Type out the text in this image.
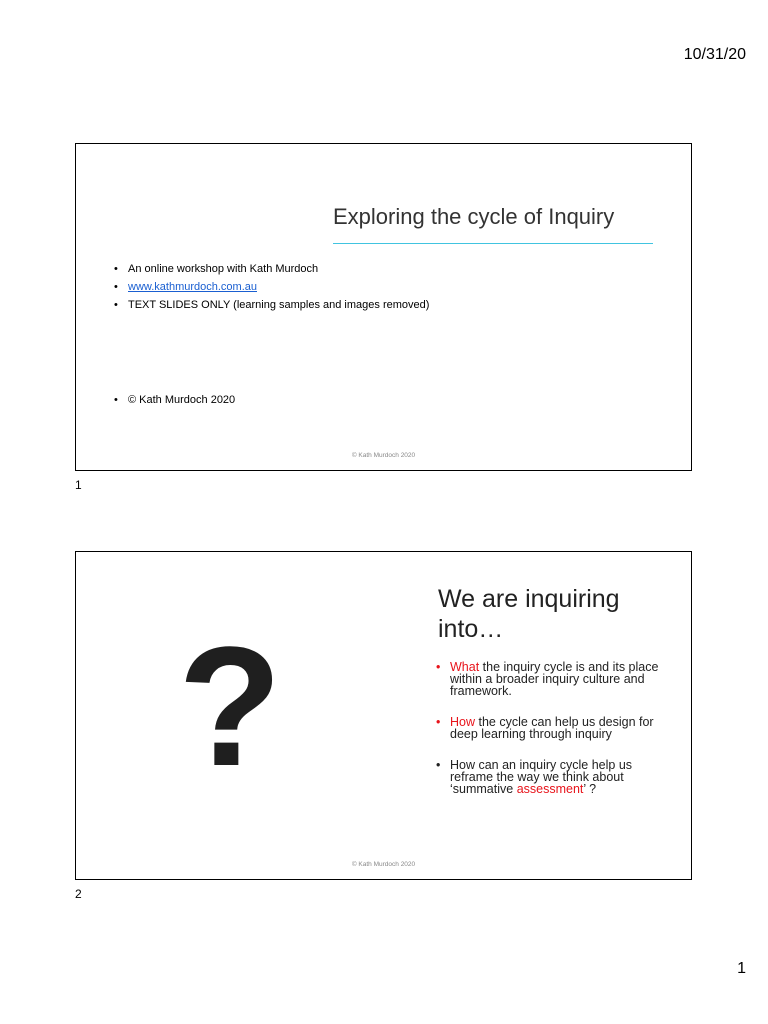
10/31/20
Exploring the cycle of Inquiry
• An online workshop with Kath Murdoch
• www.kathmurdoch.com.au
• TEXT SLIDES ONLY (learning samples and images removed)
• © Kath Murdoch 2020
© Kath Murdoch 2020
1
?
We are inquiring into…
• What the inquiry cycle is and its place within a broader inquiry culture and framework.
• How the cycle can help us design for deep learning through inquiry
• How can an inquiry cycle help us reframe the way we think about ‘summative assessment’ ?
© Kath Murdoch 2020
2
1
